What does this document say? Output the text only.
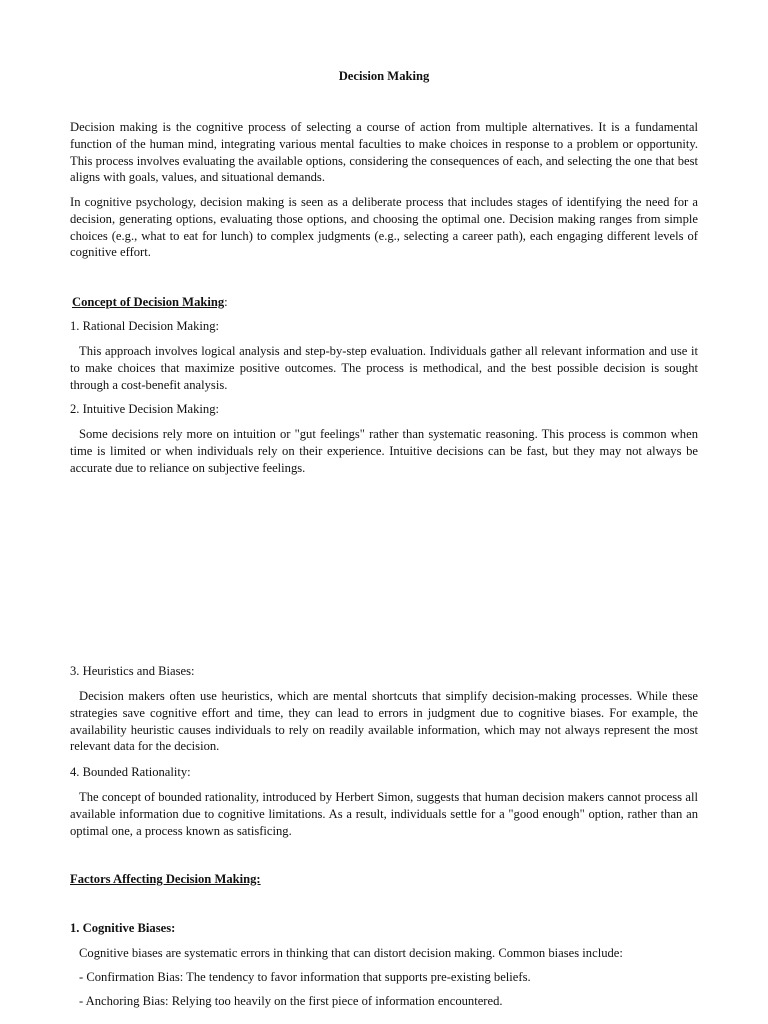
Decision Making

Decision making is the cognitive process of selecting a course of action from multiple alternatives. It is a fundamental function of the human mind, integrating various mental faculties to make choices in response to a problem or opportunity. This process involves evaluating the available options, considering the consequences of each, and selecting the one that best aligns with goals, values, and situational demands.

In cognitive psychology, decision making is seen as a deliberate process that includes stages of identifying the need for a decision, generating options, evaluating those options, and choosing the optimal one. Decision making ranges from simple choices (e.g., what to eat for lunch) to complex judgments (e.g., selecting a career path), each engaging different levels of cognitive effort.

Concept of Decision Making:
1. Rational Decision Making:

This approach involves logical analysis and step-by-step evaluation. Individuals gather all relevant information and use it to make choices that maximize positive outcomes. The process is methodical, and the best possible decision is sought through a cost-benefit analysis.

2. Intuitive Decision Making:

Some decisions rely more on intuition or "gut feelings" rather than systematic reasoning. This process is common when time is limited or when individuals rely on their experience. Intuitive decisions can be fast, but they may not always be accurate due to reliance on subjective feelings.

3. Heuristics and Biases:

Decision makers often use heuristics, which are mental shortcuts that simplify decision-making processes. While these strategies save cognitive effort and time, they can lead to errors in judgment due to cognitive biases. For example, the availability heuristic causes individuals to rely on readily available information, which may not always represent the most relevant data for the decision.

4. Bounded Rationality:

The concept of bounded rationality, introduced by Herbert Simon, suggests that human decision makers cannot process all available information due to cognitive limitations. As a result, individuals settle for a "good enough" option, rather than an optimal one, a process known as satisficing.

Factors Affecting Decision Making:
1. Cognitive Biases:
Cognitive biases are systematic errors in thinking that can distort decision making. Common biases include:
- Confirmation Bias: The tendency to favor information that supports pre-existing beliefs.
- Anchoring Bias: Relying too heavily on the first piece of information encountered.
